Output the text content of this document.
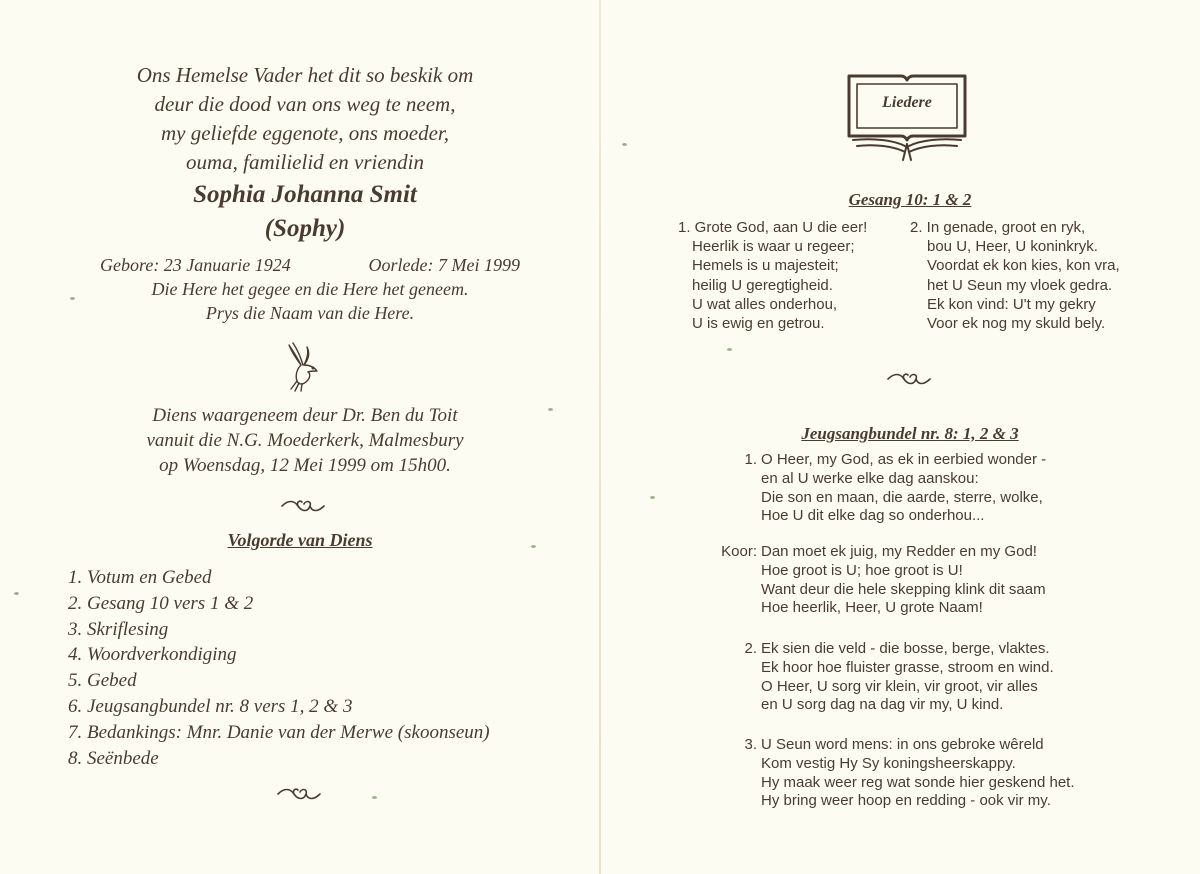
Ons Hemelse Vader het dit so beskik om
deur die dood van ons weg te neem,
my geliefde eggenote, ons moeder,
ouma, familielid en vriendin
Sophia Johanna Smit
(Sophy)
Gebore: 23 Januarie 1924	Oorlede: 7 Mei 1999
Die Here het gegee en die Here het geneem.
Prys die Naam van die Here.
Diens waargeneem deur Dr. Ben du Toit
vanuit die N.G. Moederkerk, Malmesbury
op Woensdag, 12 Mei 1999 om 15h00.
Volgorde van Diens
1. Votum en Gebed
2. Gesang 10 vers 1 & 2
3. Skriflesing
4. Woordverkondiging
5. Gebed
6. Jeugsangbundel nr. 8 vers 1, 2 & 3
7. Bedankings: Mnr. Danie van der Merwe (skoonseun)
8. Seënbede
Liedere
Gesang 10: 1 & 2
1. Grote God, aan U die eer!
Heerlik is waar u regeer;
Hemels is u majesteit;
heilig U geregtigheid.
U wat alles onderhou,
U is ewig en getrou.
2. In genade, groot en ryk,
bou U, Heer, U koninkryk.
Voordat ek kon kies, kon vra,
het U Seun my vloek gedra.
Ek kon vind: U't my gekry
Voor ek nog my skuld bely.
Jeugsangbundel nr. 8: 1, 2 & 3
1. O Heer, my God, as ek in eerbied wonder -
en al U werke elke dag aanskou:
Die son en maan, die aarde, sterre, wolke,
Hoe U dit elke dag so onderhou...
Koor: Dan moet ek juig, my Redder en my God!
Hoe groot is U; hoe groot is U!
Want deur die hele skepping klink dit saam
Hoe heerlik, Heer, U grote Naam!
2. Ek sien die veld - die bosse, berge, vlaktes.
Ek hoor hoe fluister grasse, stroom en wind.
O Heer, U sorg vir klein, vir groot, vir alles
en U sorg dag na dag vir my, U kind.
3. U Seun word mens: in ons gebroke wêreld
Kom vestig Hy Sy koningsheerskappy.
Hy maak weer reg wat sonde hier geskend het.
Hy bring weer hoop en redding - ook vir my.
